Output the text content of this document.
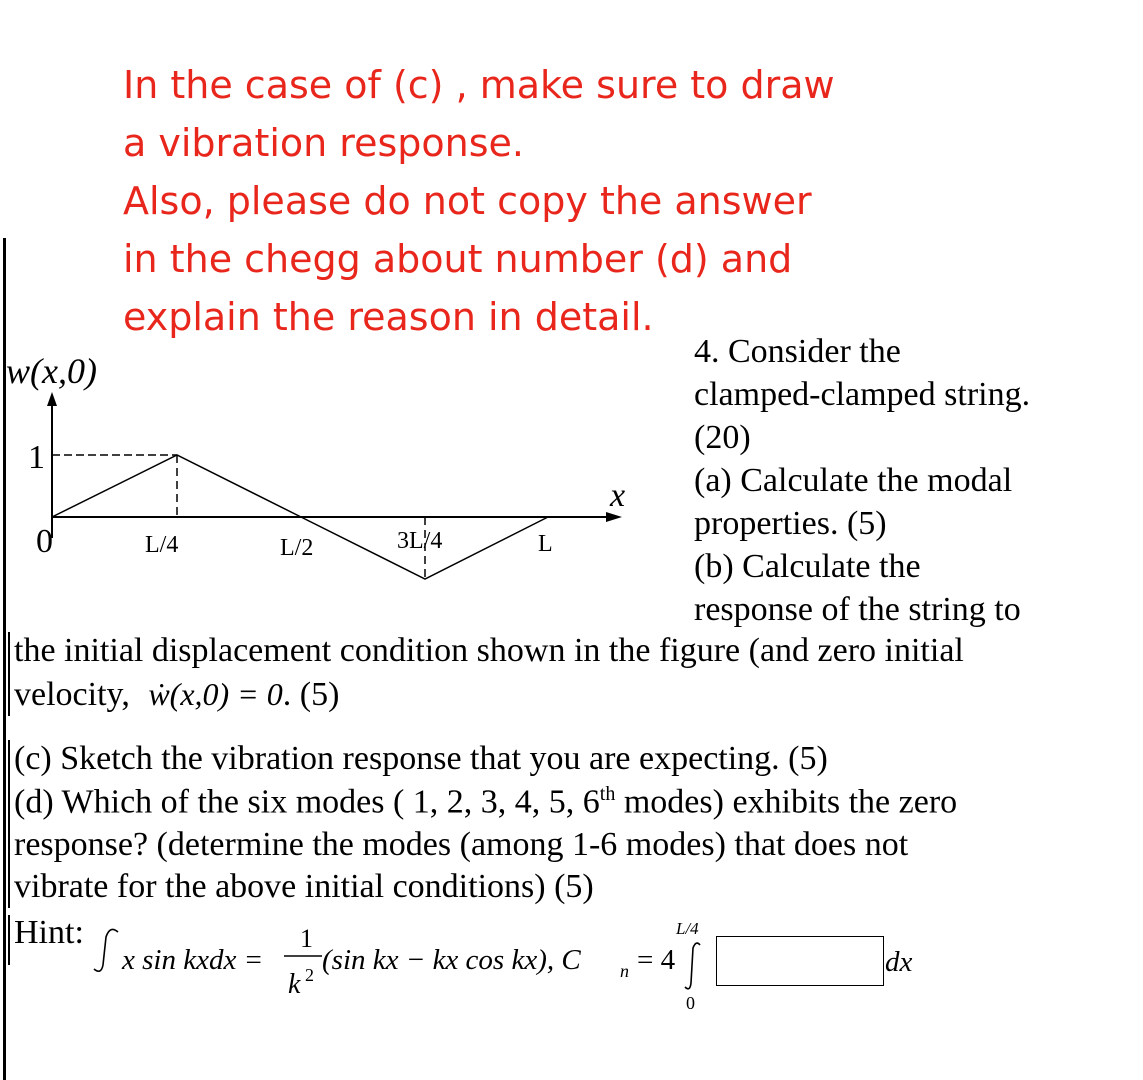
In the case of (c) , make sure to draw
a vibration response.
Also, please do not copy the answer
in the chegg about number (d) and
explain the reason in detail.
w(x,0)
1
0	L/4	L/2	3L/4	L
x
4. Consider the
clamped-clamped string.
(20)
(a) Calculate the modal
properties. (5)
(b) Calculate the
response of the string to
the initial displacement condition shown in the figure (and zero initial
velocity, ẇ(x,0) = 0. (5)
(c) Sketch the vibration response that you are expecting. (5)
(d) Which of the six modes ( 1, 2, 3, 4, 5, 6th modes) exhibits the zero
response? (determine the modes (among 1-6 modes) that does not
vibrate for the above initial conditions) (5)
Hint:
x sin kxdx =
1
k 2 (sin kx − kx cos kx), C n = 4
L/4
0
dx
